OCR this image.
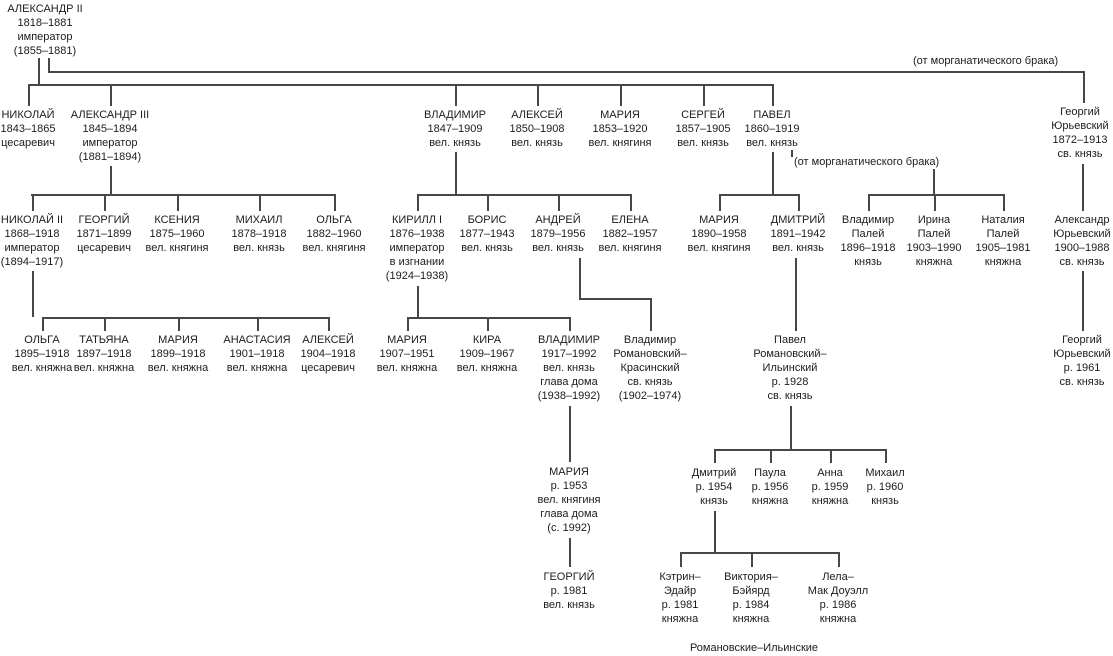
АЛЕКСАНДР II
1818–1881
император
(1855–1881)
НИКОЛАЙ
1843–1865
цесаревич
АЛЕКСАНДР III
1845–1894
император
(1881–1894)
ВЛАДИМИР
1847–1909
вел. князь
АЛЕКСЕЙ
1850–1908
вел. князь
МАРИЯ
1853–1920
вел. княгиня
СЕРГЕЙ
1857–1905
вел. князь
ПАВЕЛ
1860–1919
вел. князь
Георгий
Юрьевский
1872–1913
св. князь
НИКОЛАЙ II
1868–1918
император
(1894–1917)
ГЕОРГИЙ
1871–1899
цесаревич
КСЕНИЯ
1875–1960
вел. княгиня
МИХАИЛ
1878–1918
вел. князь
ОЛЬГА
1882–1960
вел. княгиня
КИРИЛЛ I
1876–1938
император
в изгнании
(1924–1938)
БОРИС
1877–1943
вел. князь
АНДРЕЙ
1879–1956
вел. князь
ЕЛЕНА
1882–1957
вел. княгиня
МАРИЯ
1890–1958
вел. княгиня
ДМИТРИЙ
1891–1942
вел. князь
Владимир
Палей
1896–1918
князь
Ирина
Палей
1903–1990
княжна
Наталия
Палей
1905–1981
княжна
Александр
Юрьевский
1900–1988
св. князь
ОЛЬГА
1895–1918
вел. княжна
ТАТЬЯНА
1897–1918
вел. княжна
МАРИЯ
1899–1918
вел. княжна
АНАСТАСИЯ
1901–1918
вел. княжна
АЛЕКСЕЙ
1904–1918
цесаревич
МАРИЯ
1907–1951
вел. княжна
КИРА
1909–1967
вел. княжна
ВЛАДИМИР
1917–1992
вел. князь
глава дома
(1938–1992)
Владимир
Романовский–
Красинский
св. князь
(1902–1974)
Павел
Романовский–
Ильинский
р. 1928
св. князь
Георгий
Юрьевский
р. 1961
св. князь
МАРИЯ
р. 1953
вел. княгиня
глава дома
(с. 1992)
Дмитрий
р. 1954
князь
Паула
р. 1956
княжна
Анна
р. 1959
княжна
Михаил
р. 1960
князь
ГЕОРГИЙ
р. 1981
вел. князь
Кэтрин–
Эдайр
р. 1981
княжна
Виктория–
Бэйярд
р. 1984
княжна
Лела–
Мак Доуэлл
р. 1986
княжна
(от морганатического брака)
(от морганатического брака)
Романовские–Ильинские
